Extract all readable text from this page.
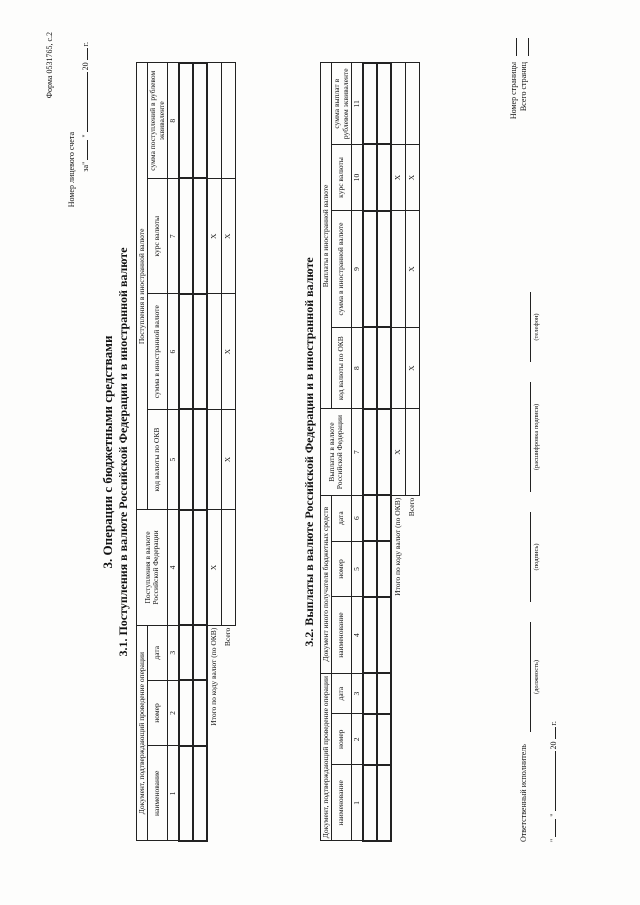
Форма 0531765, с.2
Номер лицевого счета за"  "  20  г.
3. Операции с бюджетными средствами 3.1. Поступления в валюте Российской Федерации и в иностранной валюте
Документ, подтверждающий проведение операции			Поступления в валюте Российской Федерации	Поступления в иностранной валюте			
наименование	номер	дата		код валюты по ОКВ	сумма в иностранной валюте	курс валюты	сумма поступлений в рублевом эквиваленте
1	2	3	4	5	6	7	8

Итого по коду валют (по ОКВ)			X			X	
Всего				X	X	X	
3.2. Выплаты в валюте Российской Федерации и в иностранной валюте
Документ, подтверждающий проведение операции			Документ иного получателя бюджетных средств			Выплаты в валюте Российской Федерации	Выплаты в иностранной валюте			
наименование	номер	дата	наименование	номер	дата		код валюты по ОКВ	сумма в иностранной валюте	курс валюты	сумма выплат в рублевом эквиваленте
1	2	3	4	5	6	7	8	9	10	11

Итого по коду валют (по ОКВ)						X			X	
Всего							X	X	X	
Ответственный исполнитель
(должность)
(подпись)
(расшифровка подписи)
(телефон)
"  "  20  г.
Номер страницы Всего страниц
